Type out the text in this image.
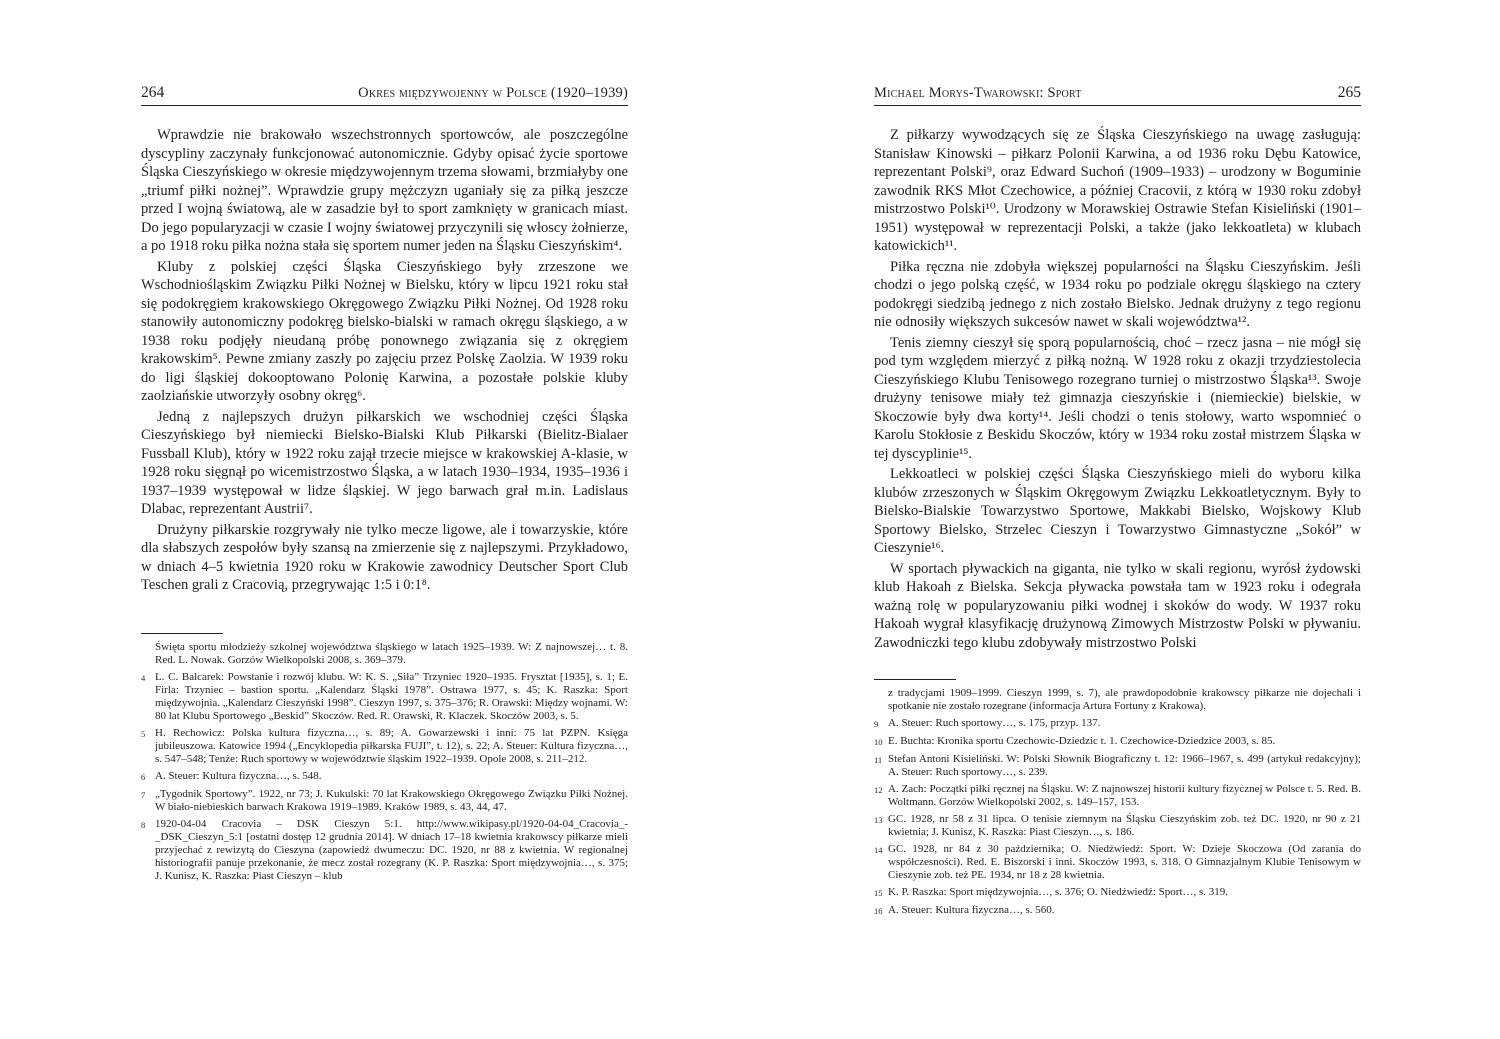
264	Okres międzywojenny w Polsce (1920–1939)

Wprawdzie nie brakowało wszechstronnych sportowców, ale poszczególne dyscypliny zaczynały funkcjonować autonomicznie. Gdyby opisać życie sportowe Śląska Cieszyńskiego w okresie międzywojennym trzema słowami, brzmiałyby one „triumf piłki nożnej”. Wprawdzie grupy mężczyzn uganiały się za piłką jeszcze przed I wojną światową, ale w zasadzie był to sport zamknięty w granicach miast. Do jego popularyzacji w czasie I wojny światowej przyczynili się włoscy żołnierze, a po 1918 roku piłka nożna stała się sportem numer jeden na Śląsku Cieszyńskim⁴.

Kluby z polskiej części Śląska Cieszyńskiego były zrzeszone we Wschodniośląskim Związku Piłki Nożnej w Bielsku, który w lipcu 1921 roku stał się podokręgiem krakowskiego Okręgowego Związku Piłki Nożnej. Od 1928 roku stanowiły autonomiczny podokręg bielsko-bialski w ramach okręgu śląskiego, a w 1938 roku podjęły nieudaną próbę ponownego związania się z okręgiem krakowskim⁵. Pewne zmiany zaszły po zajęciu przez Polskę Zaolzia. W 1939 roku do ligi śląskiej dokooptowano Polonię Karwina, a pozostałe polskie kluby zaolziańskie utworzyły osobny okręg⁶.

Jedną z najlepszych drużyn piłkarskich we wschodniej części Śląska Cieszyńskiego był niemiecki Bielsko-Bialski Klub Piłkarski (Bielitz-Bialaer Fussball Klub), który w 1922 roku zajął trzecie miejsce w krakowskiej A-klasie, w 1928 roku sięgnął po wicemistrzostwo Śląska, a w latach 1930–1934, 1935–1936 i 1937–1939 występował w lidze śląskiej. W jego barwach grał m.in. Ladislaus Dlabac, reprezentant Austrii⁷.

Drużyny piłkarskie rozgrywały nie tylko mecze ligowe, ale i towarzyskie, które dla słabszych zespołów były szansą na zmierzenie się z najlepszymi. Przykładowo, w dniach 4–5 kwietnia 1920 roku w Krakowie zawodnicy Deutscher Sport Club Teschen grali z Cracovią, przegrywając 1:5 i 0:1⁸.

Święta sportu młodzieży szkolnej województwa śląskiego w latach 1925–1939. W: Z najnowszej… t. 8. Red. L. Nowak. Gorzów Wielkopolski 2008, s. 369–379.
4 L. C. Balcarek: Powstanie i rozwój klubu. W: K. S. „Siła” Trzyniec 1920–1935. Frysztat [1935], s. 1; E. Firla: Trzyniec – bastion sportu. „Kalendarz Śląski 1978”. Ostrawa 1977, s. 45; K. Raszka: Sport międzywojnia. „Kalendarz Cieszyński 1998”. Cieszyn 1997, s. 375–376; R. Orawski: Między wojnami. W: 80 lat Klubu Sportowego „Beskid” Skoczów. Red. R. Orawski, R. Klaczek. Skoczów 2003, s. 5.
5 H. Rechowicz: Polska kultura fizyczna…, s. 89; A. Gowarzewski i inni: 75 lat PZPN. Księga jubileuszowa. Katowice 1994 („Encyklopedia piłkarska FUJI”, t. 12), s. 22; A. Steuer: Kultura fizyczna…, s. 547–548; Tenże: Ruch sportowy w województwie śląskim 1922–1939. Opole 2008, s. 211–212.
6 A. Steuer: Kultura fizyczna…, s. 548.
7 „Tygodnik Sportowy”. 1922, nr 73; J. Kukulski: 70 lat Krakowskiego Okręgowego Związku Piłki Nożnej. W biało-niebieskich barwach Krakowa 1919–1989. Kraków 1989, s. 43, 44, 47.
8 1920-04-04 Cracovia – DSK Cieszyn 5:1. http://www.wikipasy.pl/1920-04-04_Cracovia_-_DSK_Cieszyn_5:1 [ostatni dostęp 12 grudnia 2014]. W dniach 17–18 kwietnia krakowscy piłkarze mieli przyjechać z rewizytą do Cieszyna (zapowiedź dwumeczu: DC. 1920, nr 88 z kwietnia. W regionalnej historiografii panuje przekonanie, że mecz został rozegrany (K. P. Raszka: Sport międzywojnia…, s. 375; J. Kunisz, K. Raszka: Piast Cieszyn – klub
Michael Morys-Twarowski: Sport	265

Z piłkarzy wywodzących się ze Śląska Cieszyńskiego na uwagę zasługują: Stanisław Kinowski – piłkarz Polonii Karwina, a od 1936 roku Dębu Katowice, reprezentant Polski⁹, oraz Edward Suchoń (1909–1933) – urodzony w Boguminie zawodnik RKS Młot Czechowice, a później Cracovii, z którą w 1930 roku zdobył mistrzostwo Polski¹⁰. Urodzony w Morawskiej Ostrawie Stefan Kisieliński (1901–1951) występował w reprezentacji Polski, a także (jako lekkoatleta) w klubach katowickich¹¹.

Piłka ręczna nie zdobyła większej popularności na Śląsku Cieszyńskim. Jeśli chodzi o jego polską część, w 1934 roku po podziale okręgu śląskiego na cztery podokręgi siedzibą jednego z nich zostało Bielsko. Jednak drużyny z tego regionu nie odnosiły większych sukcesów nawet w skali województwa¹².

Tenis ziemny cieszył się sporą popularnością, choć – rzecz jasna – nie mógł się pod tym względem mierzyć z piłką nożną. W 1928 roku z okazji trzydziestolecia Cieszyńskiego Klubu Tenisowego rozegrano turniej o mistrzostwo Śląska¹³. Swoje drużyny tenisowe miały też gimnazja cieszyńskie i (niemieckie) bielskie, w Skoczowie były dwa korty¹⁴. Jeśli chodzi o tenis stołowy, warto wspomnieć o Karolu Stokłosie z Beskidu Skoczów, który w 1934 roku został mistrzem Śląska w tej dyscyplinie¹⁵.

Lekkoatleci w polskiej części Śląska Cieszyńskiego mieli do wyboru kilka klubów zrzeszonych w Śląskim Okręgowym Związku Lekkoatletycznym. Były to Bielsko-Bialskie Towarzystwo Sportowe, Makkabi Bielsko, Wojskowy Klub Sportowy Bielsko, Strzelec Cieszyn i Towarzystwo Gimnastyczne „Sokół” w Cieszynie¹⁶.

W sportach pływackich na giganta, nie tylko w skali regionu, wyrósł żydowski klub Hakoah z Bielska. Sekcja pływacka powstała tam w 1923 roku i odegrała ważną rolę w popularyzowaniu piłki wodnej i skoków do wody. W 1937 roku Hakoah wygrał klasyfikację drużynową Zimowych Mistrzostw Polski w pływaniu. Zawodniczki tego klubu zdobywały mistrzostwo Polski

z tradycjami 1909–1999. Cieszyn 1999, s. 7), ale prawdopodobnie krakowscy piłkarze nie dojechali i spotkanie nie zostało rozegrane (informacja Artura Fortuny z Krakowa).
9 A. Steuer: Ruch sportowy…, s. 175, przyp. 137.
10 E. Buchta: Kronika sportu Czechowic-Dziedzic t. 1. Czechowice-Dziedzice 2003, s. 85.
11 Stefan Antoni Kisieliński. W: Polski Słownik Biograficzny t. 12: 1966–1967, s. 499 (artykuł redakcyjny); A. Steuer: Ruch sportowy…, s. 239.
12 A. Zach: Początki piłki ręcznej na Śląsku. W: Z najnowszej historii kultury fizycznej w Polsce t. 5. Red. B. Woltmann. Gorzów Wielkopolski 2002, s. 149–157, 153.
13 GC. 1928, nr 58 z 31 lipca. O tenisie ziemnym na Śląsku Cieszyńskim zob. też DC. 1920, nr 90 z 21 kwietnia; J. Kunisz, K. Raszka: Piast Cieszyn…, s. 186.
14 GC. 1928, nr 84 z 30 października; O. Niedźwiedź: Sport. W: Dzieje Skoczowa (Od zarania do współczesności). Red. E. Biszorski i inni. Skoczów 1993, s. 318. O Gimnazjalnym Klubie Tenisowym w Cieszynie zob. też PE. 1934, nr 18 z 28 kwietnia.
15 K. P. Raszka: Sport międzywojnia…, s. 376; O. Niedźwiedź: Sport…, s. 319.
16 A. Steuer: Kultura fizyczna…, s. 560.
